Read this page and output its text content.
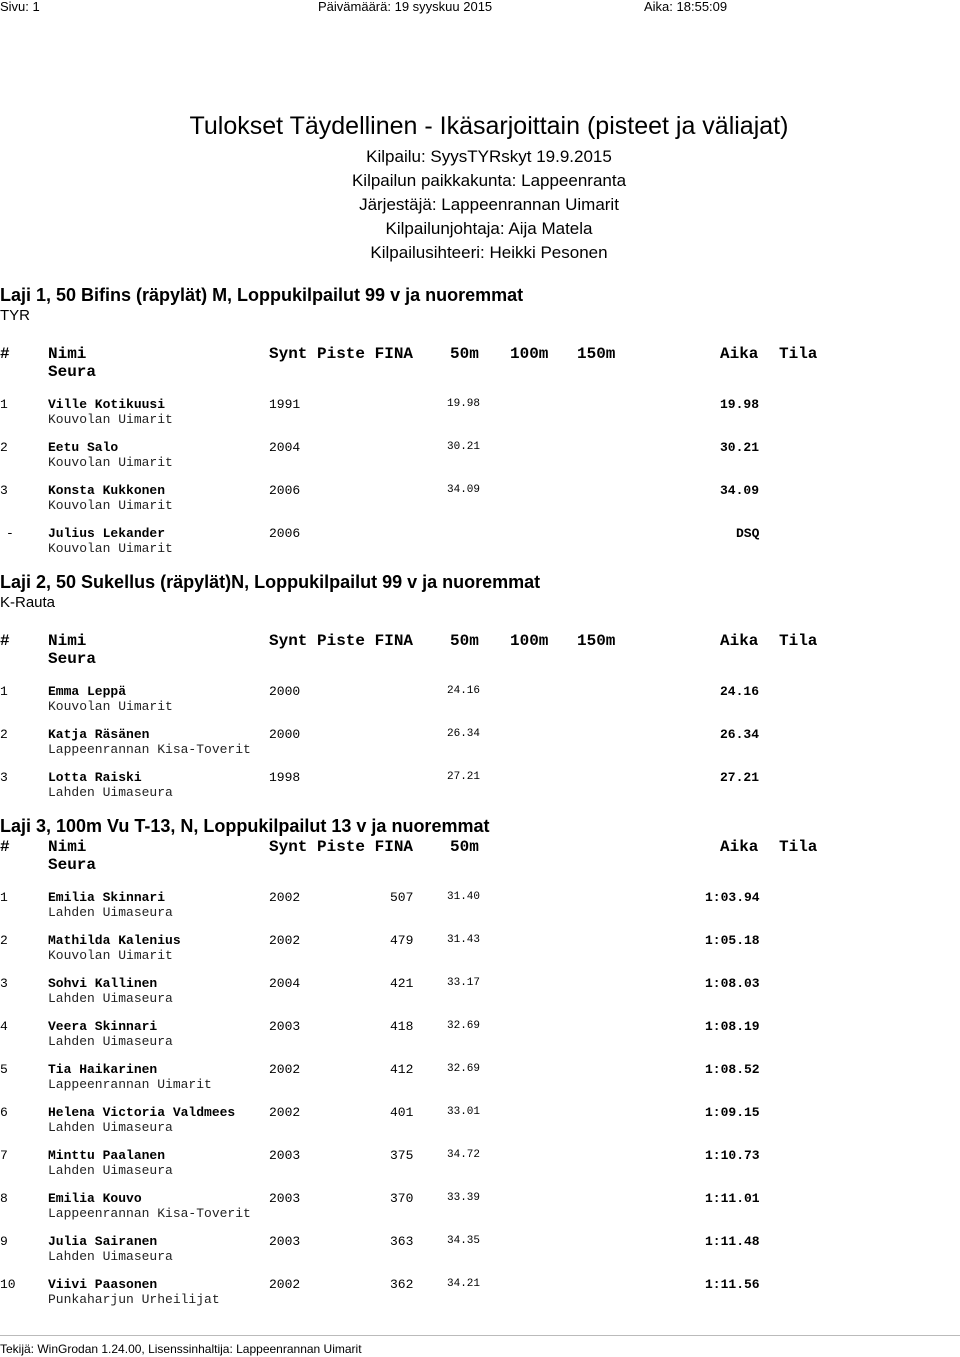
Sivu: 1	Päivämäärä: 19 syyskuu 2015	Aika: 18:55:09
Tulokset Täydellinen - Ikäsarjoittain (pisteet ja väliajat)
Kilpailu: SyysTYRskyt 19.9.2015
Kilpailun paikkakunta: Lappeenranta
Järjestäjä: Lappeenrannan Uimarit
Kilpailunjohtaja: Aija Matela
Kilpailusihteeri: Heikki Pesonen
Laji 1, 50 Bifins (räpylät) M, Loppukilpailut 99 v ja nuoremmat
TYR
# Nimi	Synt Piste FINA 50m 100m 150m	Aika Tila
Seura
1	Ville Kotikuusi	1991	19.98	19.98
Kouvolan Uimarit
2	Eetu Salo	2004	30.21	30.21
Kouvolan Uimarit
3	Konsta Kukkonen	2006	34.09	34.09
Kouvolan Uimarit
-	Julius Lekander	2006	DSQ
Kouvolan Uimarit
Laji 2, 50 Sukellus (räpylät)N, Loppukilpailut 99 v ja nuoremmat
K-Rauta
# Nimi	Synt Piste FINA 50m 100m 150m	Aika Tila
Seura
1	Emma Leppä	2000	24.16	24.16
Kouvolan Uimarit
2	Katja Räsänen	2000	26.34	26.34
Lappeenrannan Kisa-Toverit
3	Lotta Raiski	1998	27.21	27.21
Lahden Uimaseura
Laji 3, 100m Vu T-13, N, Loppukilpailut 13 v ja nuoremmat
# Nimi	Synt Piste FINA 50m	Aika Tila
Seura
1	Emilia Skinnari	2002	507	31.40	1:03.94
Lahden Uimaseura
2	Mathilda Kalenius	2002	479	31.43	1:05.18
Kouvolan Uimarit
3	Sohvi Kallinen	2004	421	33.17	1:08.03
Lahden Uimaseura
4	Veera Skinnari	2003	418	32.69	1:08.19
Lahden Uimaseura
5	Tia Haikarinen	2002	412	32.69	1:08.52
Lappeenrannan Uimarit
6	Helena Victoria Valdmees	2002	401	33.01	1:09.15
Lahden Uimaseura
7	Minttu Paalanen	2003	375	34.72	1:10.73
Lahden Uimaseura
8	Emilia Kouvo	2003	370	33.39	1:11.01
Lappeenrannan Kisa-Toverit
9	Julia Sairanen	2003	363	34.35	1:11.48
Lahden Uimaseura
10 Viivi Paasonen	2002	362	34.21	1:11.56
Punkaharjun Urheilijat
Tekijä: WinGrodan 1.24.00, Lisenssinhaltija: Lappeenrannan Uimarit
